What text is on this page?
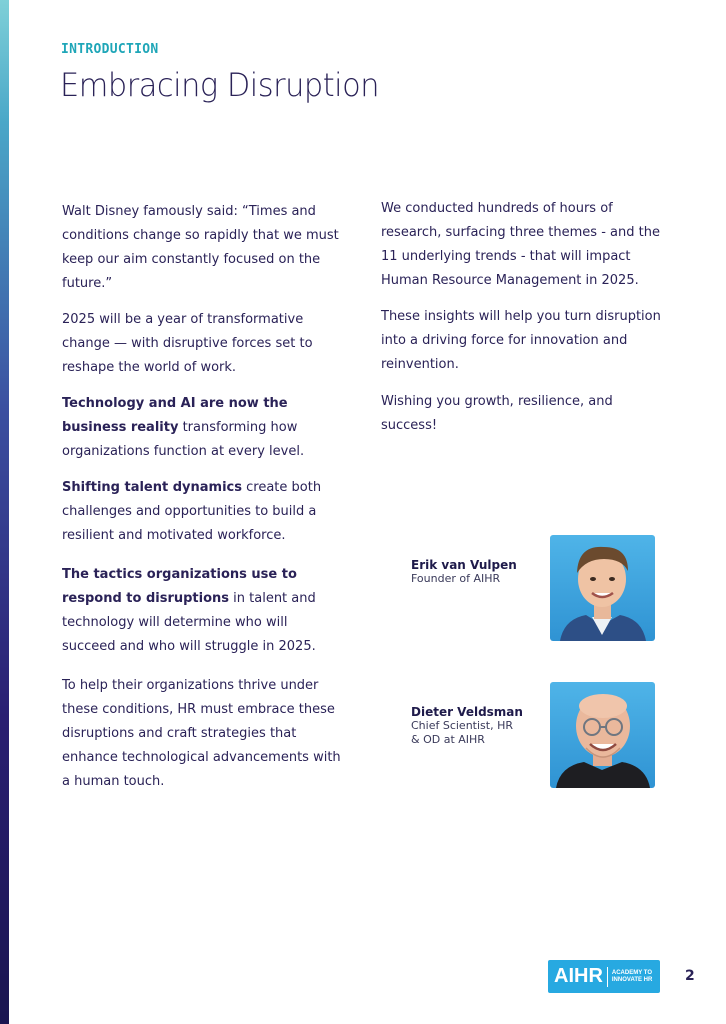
INTRODUCTION
Embracing Disruption

Walt Disney famously said: “Times and conditions change so rapidly that we must keep our aim constantly focused on the future.”

2025 will be a year of transformative change — with disruptive forces set to reshape the world of work.

Technology and AI are now the business reality transforming how organizations function at every level.

Shifting talent dynamics create both challenges and opportunities to build a resilient and motivated workforce.

The tactics organizations use to respond to disruptions in talent and technology will determine who will succeed and who will struggle in 2025.

To help their organizations thrive under these conditions, HR must embrace these disruptions and craft strategies that enhance technological advancements with a human touch.

We conducted hundreds of hours of research, surfacing three themes - and the 11 underlying trends - that will impact Human Resource Management in 2025.

These insights will help you turn disruption into a driving force for innovation and reinvention.

Wishing you growth, resilience, and success!

Erik van Vulpen
Founder of AIHR
Dieter Veldsman
Chief Scientist, HR
& OD at AIHR
AIHR ACADEMY TO
INNOVATE HR 2
